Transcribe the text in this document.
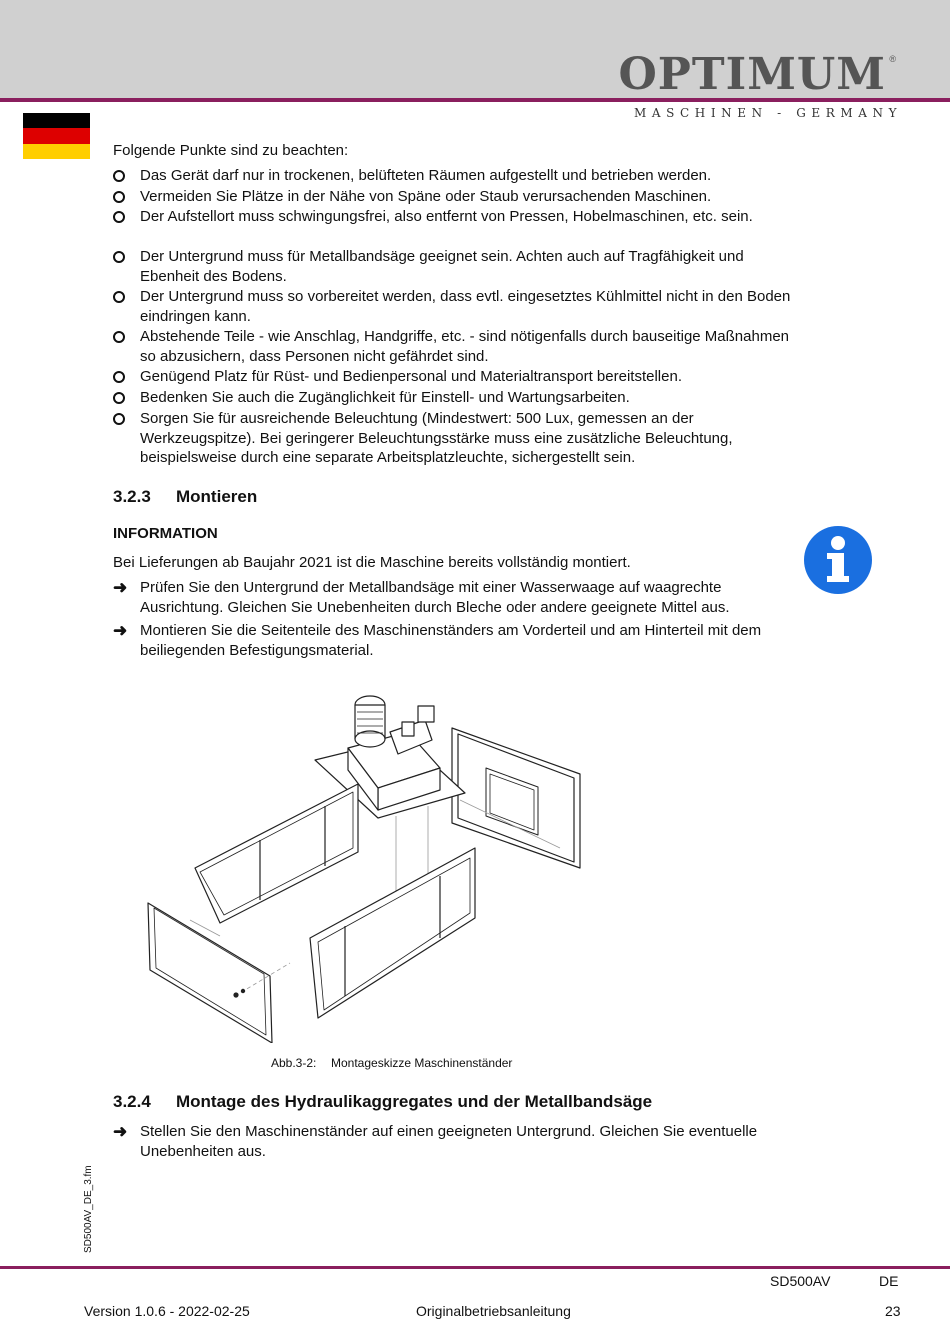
OPTIMUM ®
MASCHINEN - GERMANY
Folgende Punkte sind zu beachten:
Das Gerät darf nur in trockenen, belüfteten Räumen aufgestellt und betrieben werden.
Vermeiden Sie Plätze in der Nähe von Späne oder Staub verursachenden Maschinen.
Der Aufstellort muss schwingungsfrei, also entfernt von Pressen, Hobelmaschinen, etc. sein.
Der Untergrund muss für Metallbandsäge geeignet sein. Achten auch auf Tragfähigkeit und Ebenheit des Bodens.
Der Untergrund muss so vorbereitet werden, dass evtl. eingesetztes Kühlmittel nicht in den Boden eindringen kann.
Abstehende Teile - wie Anschlag, Handgriffe, etc. - sind nötigenfalls durch bauseitige Maßnahmen so abzusichern, dass Personen nicht gefährdet sind.
Genügend Platz für Rüst- und Bedienpersonal und Materialtransport bereitstellen.
Bedenken Sie auch die Zugänglichkeit für Einstell- und Wartungsarbeiten.
Sorgen Sie für ausreichende Beleuchtung (Mindestwert: 500 Lux, gemessen an der Werkzeugspitze). Bei geringerer Beleuchtungsstärke muss eine zusätzliche Beleuchtung, beispielsweise durch eine separate Arbeitsplatzleuchte, sichergestellt sein.
3.2.3 Montieren
INFORMATION
Bei Lieferungen ab Baujahr 2021 ist die Maschine bereits vollständig montiert.
➜ Prüfen Sie den Untergrund der Metallbandsäge mit einer Wasserwaage auf waagrechte Ausrichtung. Gleichen Sie Unebenheiten durch Bleche oder andere geeignete Mittel aus.
➜ Montieren Sie die Seitenteile des Maschinenständers am Vorderteil und am Hinterteil mit dem beiliegenden Befestigungsmaterial.
Abb.3-2: Montageskizze Maschinenständer
3.2.4 Montage des Hydraulikaggregates und der Metallbandsäge
➜ Stellen Sie den Maschinenständer auf einen geeigneten Untergrund. Gleichen Sie eventuelle Unebenheiten aus.
SD500AV_DE_3.fm
SD500AV	DE
Version 1.0.6 - 2022-02-25	Originalbetriebsanleitung	23
